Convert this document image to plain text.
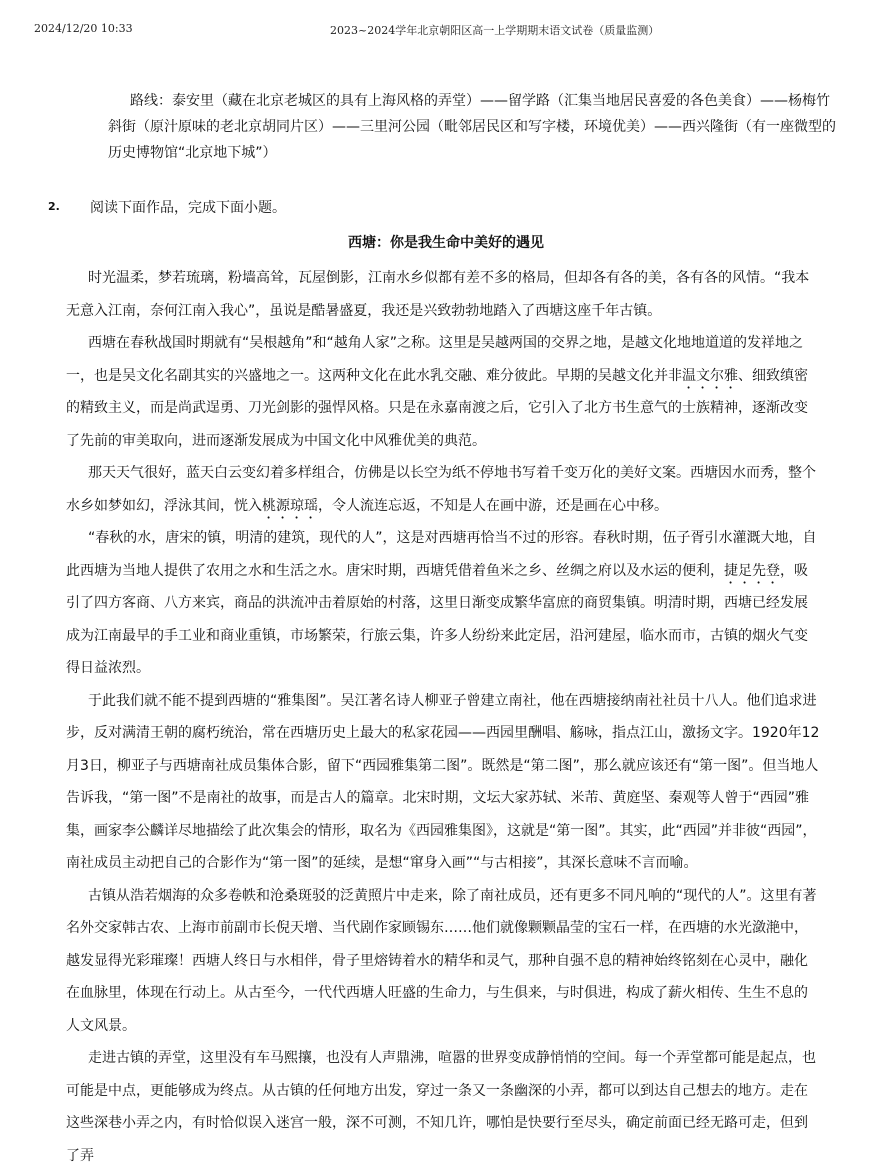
2024/12/20 10:33	2023~2024学年北京朝阳区高一上学期期末语文试卷（质量监测）

路线：泰安里（藏在北京老城区的具有上海风格的弄堂）——留学路（汇集当地居民喜爱的各色美食）——杨梅竹斜街（原汁原味的老北京胡同片区）——三里河公园（毗邻居民区和写字楼，环境优美）——西兴隆街（有一座微型的历史博物馆“北京地下城”）

2. 阅读下面作品，完成下面小题。
西塘：你是我生命中美好的遇见

时光温柔，梦若琉璃，粉墙高耸，瓦屋倒影，江南水乡似都有差不多的格局，但却各有各的美，各有各的风情。“我本无意入江南，奈何江南入我心”，虽说是酷暑盛夏，我还是兴致勃勃地踏入了西塘这座千年古镇。

西塘在春秋战国时期就有“吴根越角”和“越角人家”之称。这里是吴越两国的交界之地，是越文化地地道道的发祥地之一，也是吴文化名副其实的兴盛地之一。这两种文化在此水乳交融、难分彼此。早期的吴越文化并非温文尔雅、细致缜密的精致主义，而是尚武逞勇、刀光剑影的强悍风格。只是在永嘉南渡之后，它引入了北方书生意气的士族精神，逐渐改变了先前的审美取向，进而逐渐发展成为中国文化中风雅优美的典范。

那天天气很好，蓝天白云变幻着多样组合，仿佛是以长空为纸不停地书写着千变万化的美好文案。西塘因水而秀，整个水乡如梦如幻，浮泳其间，恍入桃源琼瑶，令人流连忘返，不知是人在画中游，还是画在心中移。

“春秋的水，唐宋的镇，明清的建筑，现代的人”，这是对西塘再恰当不过的形容。春秋时期，伍子胥引水灌溉大地，自此西塘为当地人提供了农用之水和生活之水。唐宋时期，西塘凭借着鱼米之乡、丝绸之府以及水运的便利，捷足先登，吸引了四方客商、八方来宾，商品的洪流冲击着原始的村落，这里日渐变成繁华富庶的商贸集镇。明清时期，西塘已经发展成为江南最早的手工业和商业重镇，市场繁荣，行旅云集，许多人纷纷来此定居，沿河建屋，临水而市，古镇的烟火气变得日益浓烈。

于此我们就不能不提到西塘的“雅集图”。吴江著名诗人柳亚子曾建立南社，他在西塘接纳南社社员十八人。他们追求进步，反对满清王朝的腐朽统治，常在西塘历史上最大的私家花园——西园里酬唱、觞咏，指点江山，激扬文字。1920年12月3日，柳亚子与西塘南社成员集体合影，留下“西园雅集第二图”。既然是“第二图”，那么就应该还有“第一图”。但当地人告诉我，“第一图”不是南社的故事，而是古人的篇章。北宋时期，文坛大家苏轼、米芾、黄庭坚、秦观等人曾于“西园”雅集，画家李公麟详尽地描绘了此次集会的情形，取名为《西园雅集图》，这就是“第一图”。其实，此“西园”并非彼“西园”，南社成员主动把自己的合影作为“第一图”的延续，是想“窜身入画”“与古相接”，其深长意味不言而喻。

古镇从浩若烟海的众多卷帙和沧桑斑驳的泛黄照片中走来，除了南社成员，还有更多不同凡响的“现代的人”。这里有著名外交家韩古农、上海市前副市长倪天增、当代剧作家顾锡东……他们就像颗颗晶莹的宝石一样，在西塘的水光潋滟中，越发显得光彩璀璨！西塘人终日与水相伴，骨子里熔铸着水的精华和灵气，那种自强不息的精神始终铭刻在心灵中，融化在血脉里，体现在行动上。从古至今，一代代西塘人旺盛的生命力，与生俱来，与时俱进，构成了薪火相传、生生不息的人文风景。

走进古镇的弄堂，这里没有车马熙攘，也没有人声鼎沸，喧嚣的世界变成静悄悄的空间。每一个弄堂都可能是起点，也可能是中点，更能够成为终点。从古镇的任何地方出发，穿过一条又一条幽深的小弄，都可以到达自己想去的地方。走在这些深巷小弄之内，有时恰似误入迷宫一般，深不可测，不知几许，哪怕是快要行至尽头，确定前面已经无路可走，但到了弄
